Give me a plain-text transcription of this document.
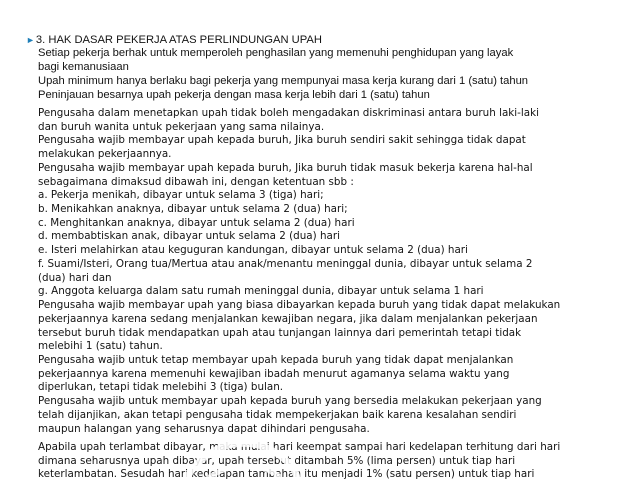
►3. HAK DASAR PEKERJA ATAS PERLINDUNGAN UPAH
Setiap pekerja berhak untuk memperoleh penghasilan yang memenuhi penghidupan yang layak
bagi kemanusiaan
Upah minimum hanya berlaku bagi pekerja yang mempunyai masa kerja kurang dari 1 (satu) tahun
Peninjauan besarnya upah pekerja dengan masa kerja lebih dari 1 (satu) tahun
Pengusaha dalam menetapkan upah tidak boleh mengadakan diskriminasi antara buruh laki-laki
dan buruh wanita untuk pekerjaan yang sama nilainya.
Pengusaha wajib membayar upah kepada buruh, Jika buruh sendiri sakit sehingga tidak dapat
melakukan pekerjaannya.
Pengusaha wajib membayar upah kepada buruh, Jika buruh tidak masuk bekerja karena hal-hal
sebagaimana dimaksud dibawah ini, dengan ketentuan sbb :
a. Pekerja menikah, dibayar untuk selama 3 (tiga) hari;
b. Menikahkan anaknya, dibayar untuk selama 2 (dua) hari;
c. Menghitankan anaknya, dibayar untuk selama 2 (dua) hari
d. membabtiskan anak, dibayar untuk selama 2 (dua) hari
e. Isteri melahirkan atau keguguran kandungan, dibayar untuk selama 2 (dua) hari
f. Suami/Isteri, Orang tua/Mertua atau anak/menantu meninggal dunia, dibayar untuk selama 2
(dua) hari dan
g. Anggota keluarga dalam satu rumah meninggal dunia, dibayar untuk selama 1 hari
Pengusaha wajib membayar upah yang biasa dibayarkan kepada buruh yang tidak dapat melakukan
pekerjaannya karena sedang menjalankan kewajiban negara, jika dalam menjalankan pekerjaan
tersebut buruh tidak mendapatkan upah atau tunjangan lainnya dari pemerintah tetapi tidak
melebihi 1 (satu) tahun.
Pengusaha wajib untuk tetap membayar upah kepada buruh yang tidak dapat menjalankan
pekerjaannya karena memenuhi kewajiban ibadah menurut agamanya selama waktu yang
diperlukan, tetapi tidak melebihi 3 (tiga) bulan.
Pengusaha wajib untuk membayar upah kepada buruh yang bersedia melakukan pekerjaan yang
telah dijanjikan, akan tetapi pengusaha tidak mempekerjakan baik karena kesalahan sendiri
maupun halangan yang seharusnya dapat dihindari pengusaha.
Apabila upah terlambat dibayar, maka mulai hari keempat sampai hari kedelapan terhitung dari hari
dimana seharusnya upah dibayar, upah tersebut ditambah 5% (lima persen) untuk tiap hari
keterlambatan. Sesudah hari kedelapan tambahan itu menjadi 1% (satu persen) untuk tiap hari
